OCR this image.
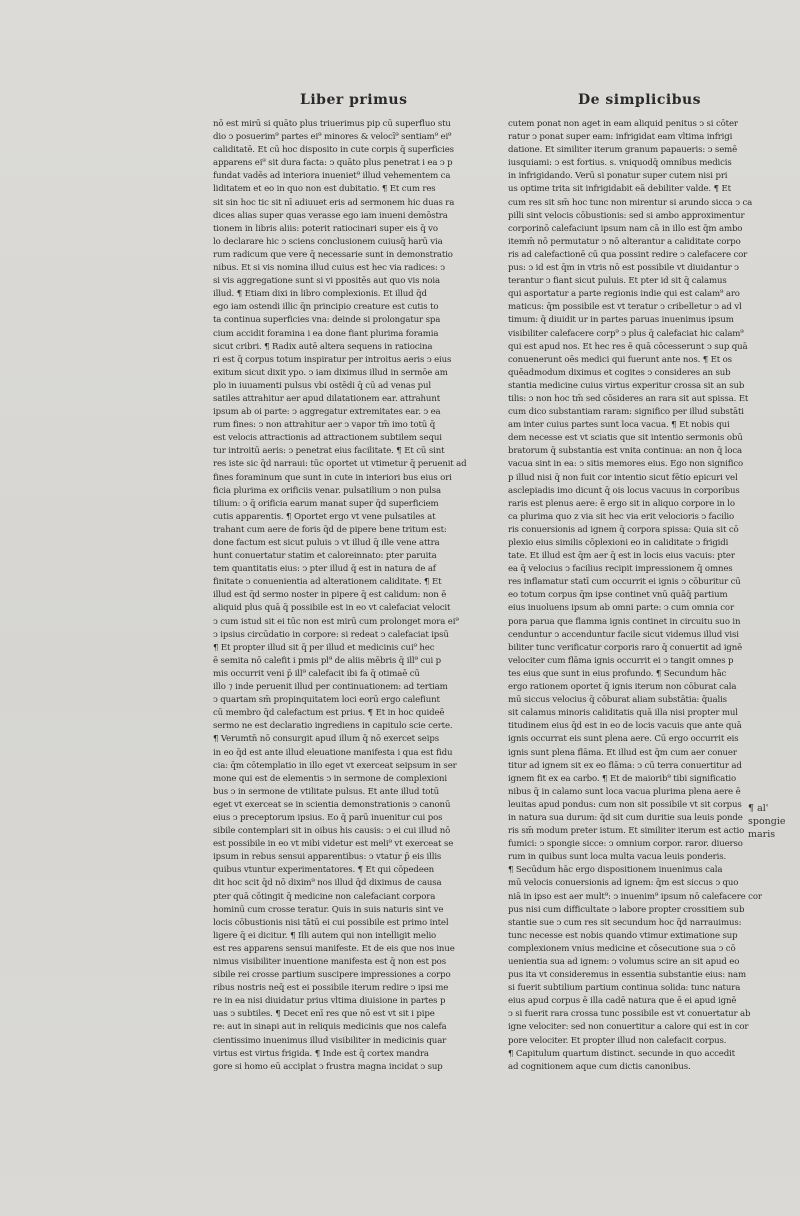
Liber primus	De simplicibus
nō est mirū si quāto plus triuerimus pip cū superfluo stu
dio ↄ posuerim⁹ partes ei⁹ minores & velocī⁹ sentiam⁹ ei⁹
caliditatē. Et cū hoc disposito in cute corpis q̄ superficies
apparens ei⁹ sit dura facta: ↄ quāto plus penetrat i ea ↄ p
fundat vadēs ad interiora inueniet⁹ illud vehementem ca
liditatem et eo in quo non est dubitatio. ¶ Et cum res
sit sin hoc tic sit nī adiuuet eris ad sermonem hic duas ra
dices alias super quas verasse ego iam inueni demōstra
tionem in libris aliis: poterit ratiocinari super eis q̄ vo
lo declarare hic ↄ sciens conclusionem cuiusq̄ harū via
rum radicum que vere q̄ necessarie sunt in demonstratio
nibus. Et si vis nomina illud cuius est hec via radices: ↄ
si vis aggregatione sunt si vi ppositēs aut quo vis noia
illud. ¶ Etiam dixi in libro complexionis. Et illud q̄d
ego iam ostendi illic q̄n principio creature est cutis to
ta continua superficies vna: deinde si prolongatur spa
cium accidit foramina i ea done fiant plurima foramia
sicut cribri. ¶ Radix autē altera sequens in ratiocina
ri est q̄ corpus totum inspiratur per introitus aeris ↄ eius
exitum sicut dixit ypo. ↄ iam diximus illud in sermōe am
plo in iuuamenti pulsus vbi ostēdi q̄ cū ad venas pul
satiles attrahitur aer apud dilatationem ear. attrahunt
ipsum ab oi parte: ↄ aggregatur extremitates ear. ↄ ea
rum fines: ↄ non attrahitur aer ↄ vapor tm̄ imo totū q̄
est velocis attractionis ad attractionem subtilem sequi
tur introitū aeris: ↄ penetrat eius facilitate. ¶ Et cū sint
res iste sic q̄d narraui: tūc oportet ut vtimetur q̄ peruenit ad
fines foraminum que sunt in cute in interiori bus eius ori
ficia plurima ex orificiis venar. pulsatilium ↄ non pulsa
tilium: ↄ q̄ orificia earum manat super q̄d superficiem
cutis apparentis. ¶ Oportet ergo vt vene pulsatiles at
trahant cum aere de foris q̄d de pipere bene tritum est:
done factum est sicut puluis ↄ vt illud q̄ ille vene attra
hunt conuertatur statim et caloreinnato: pter paruita
tem quantitatis eius: ↄ pter illud q̄ est in natura de af
finitate ↄ conuenientia ad alterationem caliditate. ¶ Et
illud est q̄d sermo noster in pipere q̄ est calidum: non ē
aliquid plus quā q̄ possibile est in eo vt calefaciat velocit
ↄ cum istud sit ei tūc non est mirū cum prolonget mora ei⁹
ↄ ipsius circūdatio in corpore: si redeat ↄ calefaciat ipsū
¶ Et propter illud sit q̄ per illud et medicinis cui⁹ hec
ē semita nō calefit i pmis pl⁹ de aliis mēbris q̄ ill⁹ cui p
mis occurrit veni p̄ ill⁹ calefacit ibi fa q̄ otimaē cū
illo ⁊ inde peruenit illud per continuationem: ad tertiam
ↄ quartam sm̄ propinquitatem loci eorū ergo calefiunt
cū membro q̄d calefactum est prius. ¶ Et in hoc quideē
sermo ne est declaratio ingrediens in capitulo scie certe.
¶ Verumtn̄ nō consurgit apud illum q̄ nō exercet seips
in eo q̄d est ante illud eleuatione manifesta i qua est fidu
cia: q̄m cōtemplatio in illo eget vt exerceat seipsum in ser
mone qui est de elementis ↄ in sermone de complexioni
bus ↄ in sermone de vtilitate pulsus. Et ante illud totū
eget vt exerceat se in scientia demonstrationis ↄ canonū
eius ↄ preceptorum ipsius. Eo q̄ parū inuenitur cui pos
sibile contemplari sit in oibus his causis: ↄ ei cui illud nō
est possibile in eo vt mibi videtur est meli⁹ vt exerceat se
ipsum in rebus sensui apparentibus: ↄ vtatur p̄ eis illis
quibus vtuntur experimentatores. ¶ Et qui cōpedeen
dit hoc scit q̄d nō dixim⁹ nos illud q̄d diximus de causa
pter quā cōtingit q̄ medicine non calefaciant corpora
hominū cum crosse teratur. Quis in suis naturis sint ve
locis cōbustionis nisi tātū ei cui possibile est primo intel
ligere q̄ ei dicitur. ¶ Illi autem qui non intelligit melio
est res apparens sensui manifeste. Et de eis que nos inue
nimus visibiliter inuentione manifesta est q̄ non est pos
sibile rei crosse partium suscipere impressiones a corpo
ribus nostris neq̄ est ei possibile iterum redire ↄ ipsi me
re in ea nisi diuidatur prius vltima diuisione in partes p
uas ↄ subtiles. ¶ Decet enī res que nō est vt sit i pipe
re: aut in sinapi aut in reliquis medicinis que nos calefa
cientissimo inuenimus illud visibiliter in medicinis quar
virtus est virtus frigida. ¶ Inde est q̄ cortex mandra
gore si homo eū acciplat ↄ frustra magna incidat ↄ sup
cutem ponat non aget in eam aliquid penitus ↄ si cōter
ratur ↄ ponat super eam: infrigidat eam vltima infrigi
datione. Et similiter iterum granum papaueris: ↄ semē
iusquiami: ↄ est fortius. s. vniquodq̄ omnibus medicis
in infrigidando. Verū si ponatur super cutem nisi pri
us optime trita sit infrigidabit eā debiliter valde. ¶ Et
cum res sit sm̄ hoc tunc non mirentur si arundo sicca ↄ ca
pilli sint velocis cōbustionis: sed si ambo approximentur
corporinō calefaciunt ipsum nam cā in illo est q̄m ambo
itemm̄ nō permutatur ↄ nō alterantur a caliditate corpo
ris ad calefactionē cū qua possint redire ↄ calefacere cor
pus: ↄ id est q̄m in vtris nō est possibile vt diuidantur ↄ
terantur ↄ fiant sicut puluis. Et pter id sit q̄ calamus
qui asportatur a parte regionis indie qui est calam⁹ aro
maticus: q̄m possibile est vt teratur ↄ cribelletur ↄ ad vl
timum: q̄ diuidit ur in partes paruas inuenimus ipsum
visibiliter calefacere corp⁹ ↄ plus q̄ calefaciat hic calam⁹
qui est apud nos. Et hec res ē quā cōcesserunt ↄ sup quā
conuenerunt oēs medici qui fuerunt ante nos. ¶ Et os
quēadmodum diximus et cogites ↄ consideres an sub
stantia medicine cuius virtus experitur crossa sit an sub
tilis: ↄ non hoc tm̄ sed cōsideres an rara sit aut spissa. Et
cum dico substantiam raram: significo per illud substāti
am inter cuius partes sunt loca vacua. ¶ Et nobis qui
dem necesse est vt sciatis que sit intentio sermonis obū
bratorum q̄ substantia est vnita continua: an non q̄ loca
vacua sint in ea: ↄ sitis memores eius. Ego non significo
p illud nisi q̄ non fuit cor intentio sicut fētio epicuri vel
asclepiadis imo dicunt q̄ ois locus vacuus in corporibus
raris est plenus aere: ē ergo sit in aliquo corpore in lo
ca plurima quo z via sit hec via erit velocioris ↄ facilio
ris conuersionis ad ignem q̄ corpora spissa: Quia sit cō
plexio eius similis cōplexioni eo in caliditate ↄ frigidi
tate. Et illud est q̄m aer q̄ est in locis eius vacuis: pter
ea q̄ velocius ↄ facilius recipit impressionem q̄ omnes
res inflamatur statī cum occurrit ei ignis ↄ cōburitur cū
eo totum corpus q̄m ipse continet vnū quāq̄ partium
eius inuoluens ipsum ab omni parte: ↄ cum omnia cor
pora parua que flamma ignis continet in circuitu suo in
cenduntur ↄ accenduntur facile sicut videmus illud visi
biliter tunc verificatur corporis raro q̄ conuertit ad ignē
velociter cum flāma ignis occurrit ei ↄ tangit omnes p
tes eius que sunt in eius profundo. ¶ Secundum hāc
ergo rationem oportet q̄ ignis iterum non cōburat cala
mū siccus velocius q̄ cōburat aliam substātia: q̄ualis
sit calamus minoris caliditatis quā illa nisi propter mul
titudinem eius q̄d est in eo de locis vacuis que ante quā
ignis occurrat eis sunt plena aere. Cū ergo occurrit eis
ignis sunt plena flāma. Et illud est q̄m cum aer conuer
titur ad ignem sit ex eo flāma: ↄ cū terra conuertitur ad
ignem fit ex ea carbo. ¶ Et de maiorib⁹ tibi significatio
nibus q̄ in calamo sunt loca vacua plurima plena aere ē
leuitas apud pondus: cum non sit possibile vt sit corpus
in natura sua durum: q̄d sit cum duritie sua leuis ponde
ris sm̄ modum preter istum. Et similiter iterum est actio
fumici: ↄ spongie sicce: ↄ omnium corpor. raror. diuerso
rum in quibus sunt loca multa vacua leuis ponderis.
¶ Secūdum hāc ergo dispositionem inuenimus cala
mū velocis conuersionis ad ignem: q̄m est siccus ↄ quo
niā in ipso est aer mult⁹: ↄ inuenim⁹ ipsum nō calefacere cor
pus nisi cum difficultate ↄ labore propter crossitiem sub
stantie sue ↄ cum res sit secundum hoc q̄d narrauimus:
tunc necesse est nobis quando vtimur extimatione sup
complexionem vnius medicine et cōsecutione sua ↄ cō
uenientia sua ad ignem: ↄ volumus scire an sit apud eo
pus ita vt consideremus in essentia substantie eius: nam
si fuerit subtilium partium continua solida: tunc natura
eius apud corpus ē illa cadē natura que ē ei apud ignē
ↄ si fuerit rara crossa tunc possibile est vt conuertatur ab
igne velociter: sed non conuertitur a calore qui est in cor
pore velociter. Et propter illud non calefacit corpus.
¶ Capitulum quartum distinct. secunde in quo accedit
ad cognitionem aque cum dictis canonibus.
¶ al' spongie
maris
